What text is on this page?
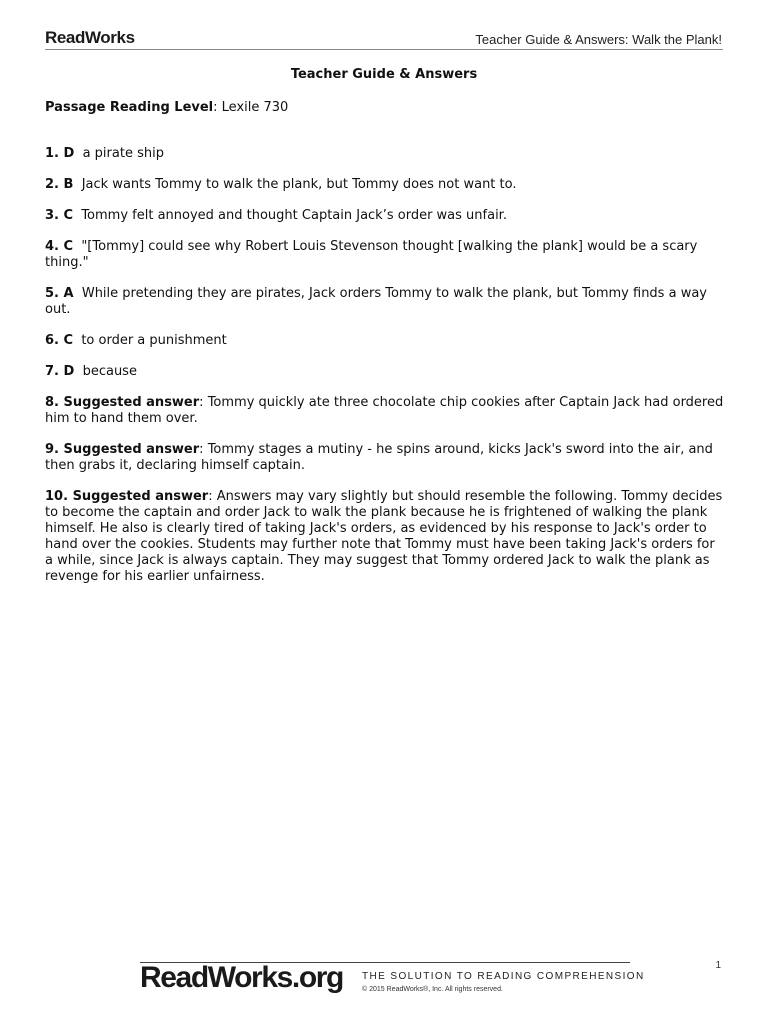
ReadWorks	Teacher Guide & Answers: Walk the Plank!
Teacher Guide & Answers
Passage Reading Level: Lexile 730

1. D a pirate ship

2. B Jack wants Tommy to walk the plank, but Tommy does not want to.

3. C Tommy felt annoyed and thought Captain Jack’s order was unfair.

4. C "[Tommy] could see why Robert Louis Stevenson thought [walking the plank] would be a scary thing."

5. A While pretending they are pirates, Jack orders Tommy to walk the plank, but Tommy finds a way out.

6. C to order a punishment

7. D because

8. Suggested answer: Tommy quickly ate three chocolate chip cookies after Captain Jack had ordered him to hand them over.

9. Suggested answer: Tommy stages a mutiny - he spins around, kicks Jack's sword into the air, and then grabs it, declaring himself captain.

10. Suggested answer: Answers may vary slightly but should resemble the following. Tommy decides to become the captain and order Jack to walk the plank because he is frightened of walking the plank himself. He also is clearly tired of taking Jack's orders, as evidenced by his response to Jack's order to hand over the cookies. Students may further note that Tommy must have been taking Jack's orders for a while, since Jack is always captain. They may suggest that Tommy ordered Jack to walk the plank as revenge for his earlier unfairness.

1
ReadWorks.org THE SOLUTION TO READING COMPREHENSION
© 2015 ReadWorks®, Inc. All rights reserved.
